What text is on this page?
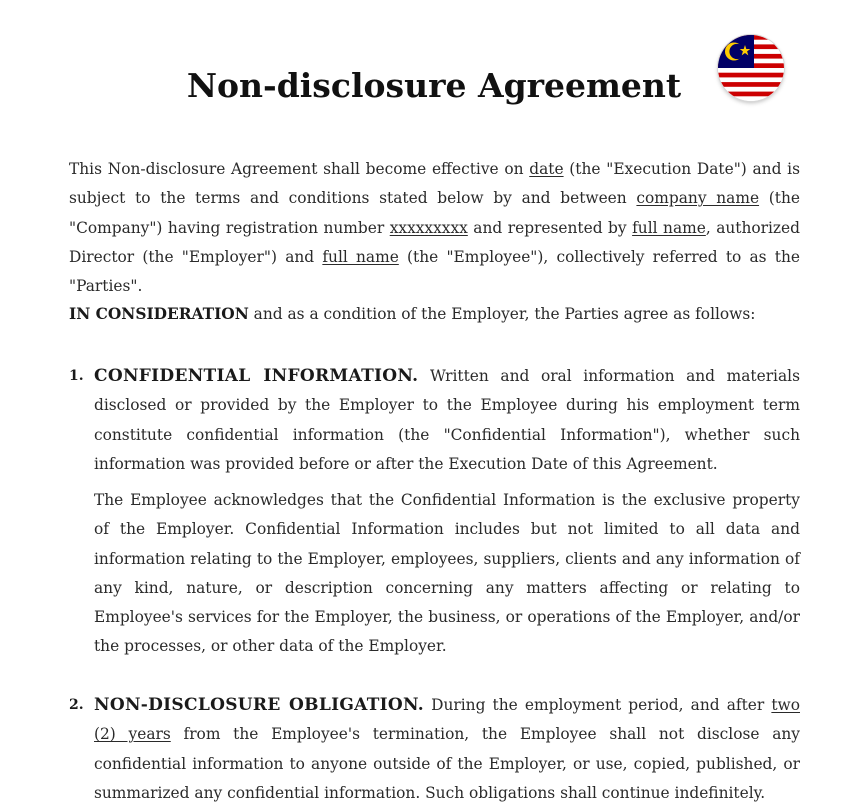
Non-disclosure Agreement

This Non-disclosure Agreement shall become effective on date (the "Execution Date") and is subject to the terms and conditions stated below by and between company name (the "Company") having registration number xxxxxxxxx and represented by full name, authorized Director (the "Employer") and full name (the "Employee"), collectively referred to as the "Parties".

IN CONSIDERATION and as a condition of the Employer, the Parties agree as follows:

1. CONFIDENTIAL INFORMATION. Written and oral information and materials disclosed or provided by the Employer to the Employee during his employment term constitute confidential information (the "Confidential Information"), whether such information was provided before or after the Execution Date of this Agreement.

The Employee acknowledges that the Confidential Information is the exclusive property of the Employer. Confidential Information includes but not limited to all data and information relating to the Employer, employees, suppliers, clients and any information of any kind, nature, or description concerning any matters affecting or relating to Employee's services for the Employer, the business, or operations of the Employer, and/or the processes, or other data of the Employer.

2. NON-DISCLOSURE OBLIGATION. During the employment period, and after two (2) years from the Employee's termination, the Employee shall not disclose any confidential information to anyone outside of the Employer, or use, copied, published, or summarized any confidential information. Such obligations shall continue indefinitely.
